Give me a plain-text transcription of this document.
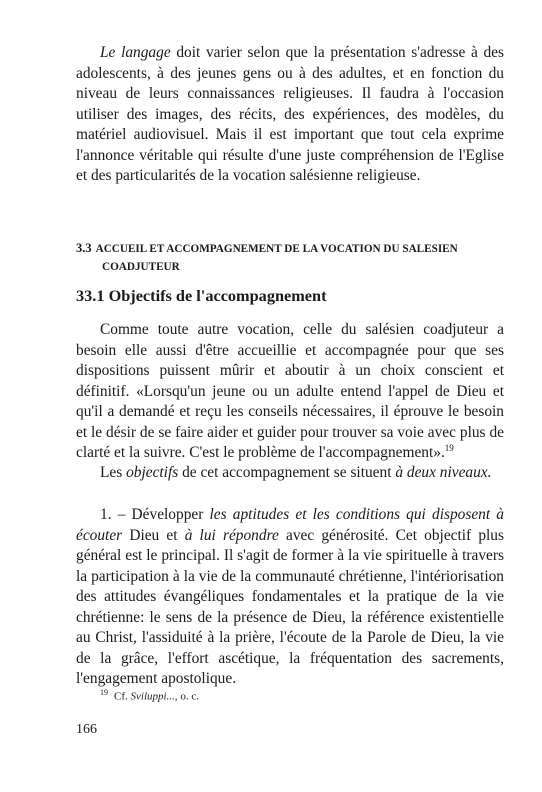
Le langage doit varier selon que la présentation s'adresse à des adolescents, à des jeunes gens ou à des adultes, et en fonction du niveau de leurs connaissances religieuses. Il faudra à l'occasion utiliser des images, des récits, des expériences, des modèles, du matériel audiovisuel. Mais il est important que tout cela exprime l'annonce véritable qui résulte d'une juste compréhension de l'Eglise et des particularités de la vocation salésienne religieuse.

3.3 ACCUEIL ET ACCOMPAGNEMENT DE LA VOCATION DU SALESIEN
COADJUTEUR
33.1 Objectifs de l'accompagnement

Comme toute autre vocation, celle du salésien coadjuteur a besoin elle aussi d'être accueillie et accompagnée pour que ses dispositions puissent mûrir et aboutir à un choix conscient et définitif. «Lorsqu'un jeune ou un adulte entend l'appel de Dieu et qu'il a demandé et reçu les conseils nécessaires, il éprouve le besoin et le désir de se faire aider et guider pour trouver sa voie avec plus de clarté et la suivre. C'est le problème de l'accompagnement».$^{19}$

Les objectifs de cet accompagnement se situent à deux niveaux.

1. – Développer les aptitudes et les conditions qui disposent à écouter Dieu et à lui répondre avec générosité. Cet objectif plus général est le principal. Il s'agit de former à la vie spirituelle à travers la participation à la vie de la communauté chrétienne, l'intériorisation des attitudes évangéliques fondamentales et la pratique de la vie chrétienne: le sens de la présence de Dieu, la référence existentielle au Christ, l'assiduité à la prière, l'écoute de la Parole de Dieu, la vie de la grâce, l'effort ascétique, la fréquentation des sacrements, l'engagement apostolique.

$^{19}$ Cf. Sviluppi..., o. c.

166
